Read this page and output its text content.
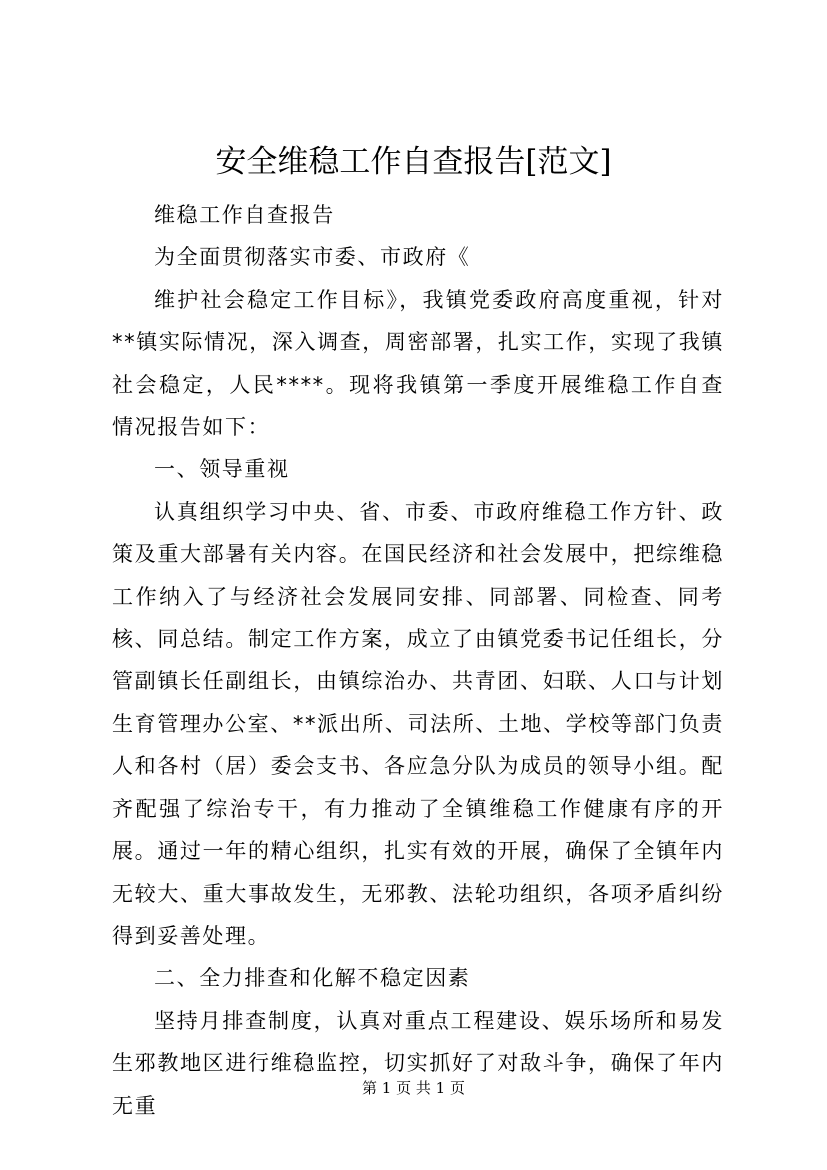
安全维稳工作自查报告[范文]

维稳工作自查报告

为全面贯彻落实市委、市政府《

维护社会稳定工作目标》，我镇党委政府高度重视，针对**镇实际情况，深入调查，周密部署，扎实工作，实现了我镇社会稳定，人民****。现将我镇第一季度开展维稳工作自查情况报告如下：

一、领导重视

认真组织学习中央、省、市委、市政府维稳工作方针、政策及重大部暑有关内容。在国民经济和社会发展中，把综维稳工作纳入了与经济社会发展同安排、同部署、同检查、同考核、同总结。制定工作方案，成立了由镇党委书记任组长，分管副镇长任副组长，由镇综治办、共青团、妇联、人口与计划生育管理办公室、**派出所、司法所、土地、学校等部门负责人和各村（居）委会支书、各应急分队为成员的领导小组。配齐配强了综治专干，有力推动了全镇维稳工作健康有序的开展。通过一年的精心组织，扎实有效的开展，确保了全镇年内无较大、重大事故发生，无邪教、法轮功组织，各项矛盾纠纷得到妥善处理。

二、全力排查和化解不稳定因素

坚持月排查制度，认真对重点工程建设、娱乐场所和易发生邪教地区进行维稳监控，切实抓好了对敌斗争，确保了年内无重

第 1 页 共 1 页
